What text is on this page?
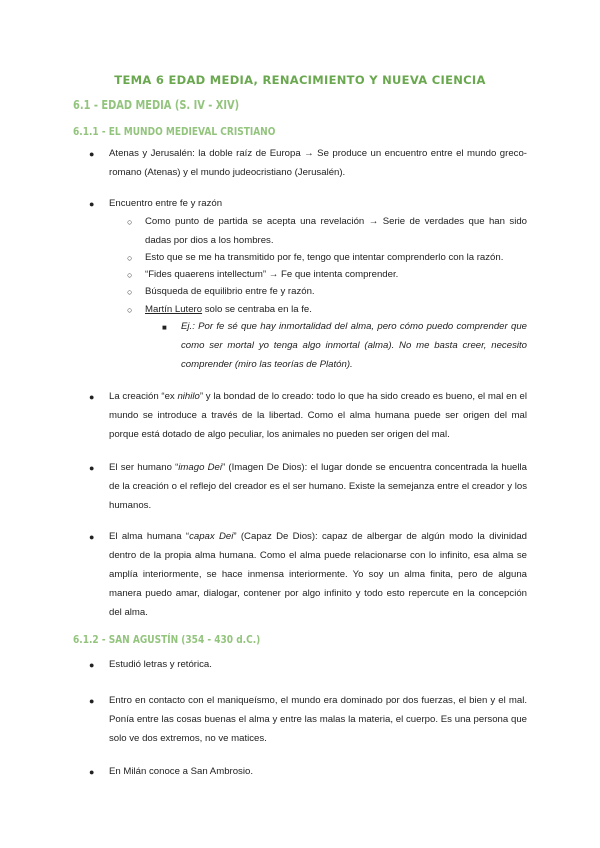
TEMA 6 EDAD MEDIA, RENACIMIENTO Y NUEVA CIENCIA
6.1 - EDAD MEDIA (S. IV - XIV)
6.1.1 - EL MUNDO MEDIEVAL CRISTIANO
● Atenas y Jerusalén: la doble raíz de Europa → Se produce un encuentro entre el mundo greco-romano (Atenas) y el mundo judeocristiano (Jerusalén).
● Encuentro entre fe y razón
○ Como punto de partida se acepta una revelación → Serie de verdades que han sido dadas por dios a los hombres.
○ Esto que se me ha transmitido por fe, tengo que intentar comprenderlo con la razón.
○ “Fides quaerens intellectum” → Fe que intenta comprender.
○ Búsqueda de equilibrio entre fe y razón.
○ Martín Lutero solo se centraba en la fe.
■ Ej.: Por fe sé que hay inmortalidad del alma, pero cómo puedo comprender que como ser mortal yo tenga algo inmortal (alma). No me basta creer, necesito comprender (miro las teorías de Platón).
● La creación “ex nihilo” y la bondad de lo creado: todo lo que ha sido creado es bueno, el mal en el mundo se introduce a través de la libertad. Como el alma humana puede ser origen del mal porque está dotado de algo peculiar, los animales no pueden ser origen del mal.
● El ser humano “imago Dei” (Imagen De Dios): el lugar donde se encuentra concentrada la huella de la creación o el reflejo del creador es el ser humano. Existe la semejanza entre el creador y los humanos.
● El alma humana “capax Dei” (Capaz De Dios): capaz de albergar de algún modo la divinidad dentro de la propia alma humana. Como el alma puede relacionarse con lo infinito, esa alma se amplía interiormente, se hace inmensa interiormente. Yo soy un alma finita, pero de alguna manera puedo amar, dialogar, contener por algo infinito y todo esto repercute en la concepción del alma.
6.1.2 - SAN AGUSTÍN (354 - 430 d.C.)
● Estudió letras y retórica.
● Entro en contacto con el maniqueísmo, el mundo era dominado por dos fuerzas, el bien y el mal. Ponía entre las cosas buenas el alma y entre las malas la materia, el cuerpo. Es una persona que solo ve dos extremos, no ve matices.
● En Milán conoce a San Ambrosio.
